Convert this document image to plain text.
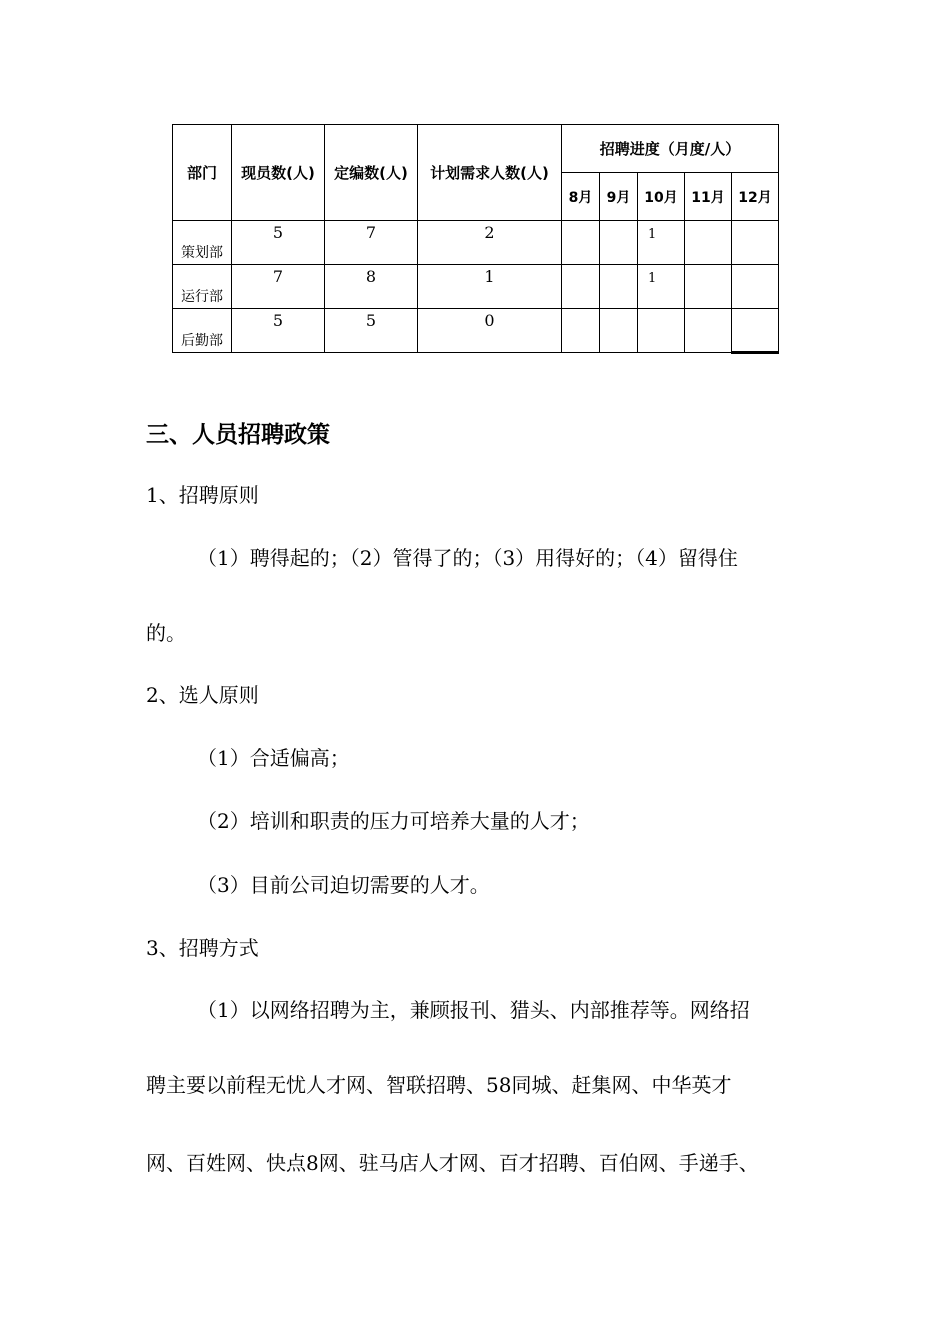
部门	现员数(人)	定编数(人)	计划需求人数(人)	招聘进度（月度/人）				
				8月	9月	10月	11月	12月
策划部	5	7	2			1		
运行部	7	8	1			1		
后勤部	5	5	0					
三、人员招聘政策
1、招聘原则
（1）聘得起的；（2）管得了的；（3）用得好的；（4）留得住
的。
2、选人原则
（1）合适偏高；
（2）培训和职责的压力可培养大量的人才；
（3）目前公司迫切需要的人才。
3、招聘方式
（1）以网络招聘为主，兼顾报刊、猎头、内部推荐等。网络招
聘主要以前程无忧人才网、智联招聘、58同城、赶集网、中华英才
网、百姓网、快点8网、驻马店人才网、百才招聘、百伯网、手递手、
